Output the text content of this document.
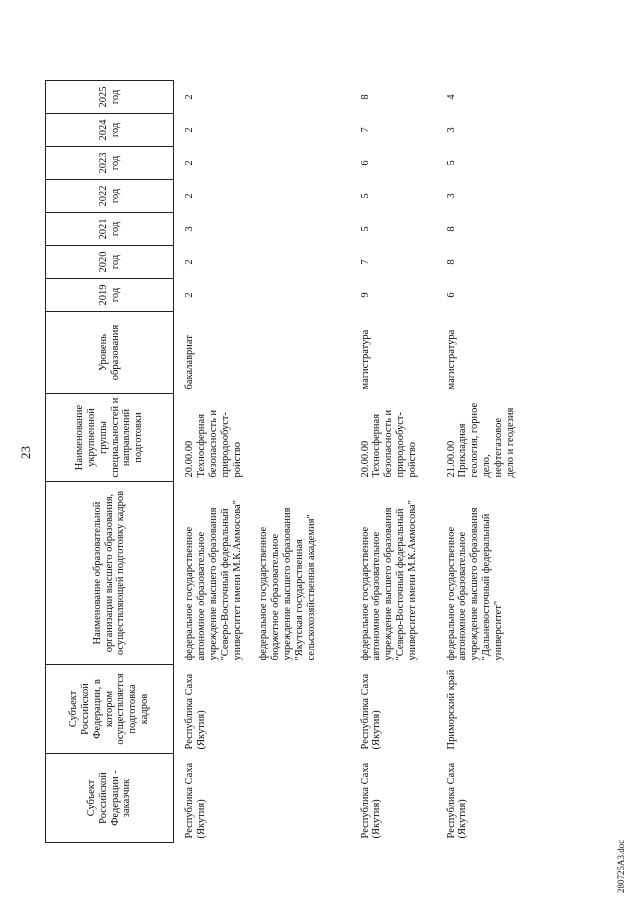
23
Субъект Российской Федерации - заказчик	Субъект Российской Федерации, в котором осуществляется подготовка кадров	Наименование образовательной организации высшего образования, осуществляющей подготовку кадров	Наименование укрупненной группы специальностей и направлений подготовки	Уровень образования	2019 год	2020 год	2021 год	2022 год	2023 год	2024 год	2025 год
Республика Саха (Якутия)	Республика Саха (Якутия)	федеральное государственное автономное образовательное учреждение высшего образования "Северо-Восточный федеральный университет имени М.К.Аммосова" федеральное государственное бюджетное образовательное учреждение высшего образования "Якутская государственная сельскохозяйственная академия"	20.00.00 Техносферная безопасность и природообуст-ройство	бакалавриат	2	2	3	2	2	2	2
Республика Саха (Якутия)	Республика Саха (Якутия)	федеральное государственное автономное образовательное учреждение высшего образования "Северо-Восточный федеральный университет имени М.К.Аммосова"	20.00.00 Техносферная безопасность и природообуст-ройство	магистратура	9	7	5	5	6	7	8
Республика Саха (Якутия)	Приморский край	федеральное государственное автономное образовательное учреждение высшего образования "Дальневосточный федеральный университет"	21.00.00 Прикладная геология, горное дело, нефтегазовое дело и геодезия	магистратура	6	8	8	3	5	3	4
280725А3.doc
